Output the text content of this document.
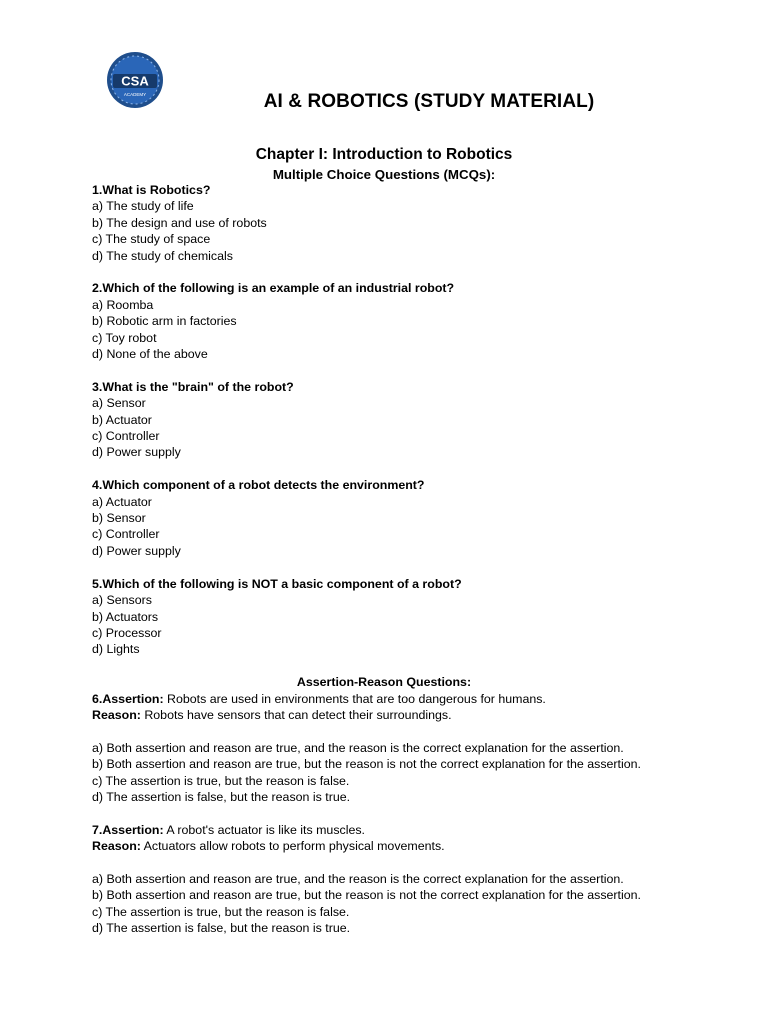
CSA
ACADEMY	AI & ROBOTICS (STUDY MATERIAL)
Chapter I: Introduction to Robotics
Multiple Choice Questions (MCQs):
1.What is Robotics?
a) The study of life
b) The design and use of robots
c) The study of space
d) The study of chemicals
2.Which of the following is an example of an industrial robot?
a) Roomba
b) Robotic arm in factories
c) Toy robot
d) None of the above
3.What is the "brain" of the robot?
a) Sensor
b) Actuator
c) Controller
d) Power supply
4.Which component of a robot detects the environment?
a) Actuator
b) Sensor
c) Controller
d) Power supply
5.Which of the following is NOT a basic component of a robot?
a) Sensors
b) Actuators
c) Processor
d) Lights
Assertion-Reason Questions:
6.Assertion: Robots are used in environments that are too dangerous for humans.
Reason: Robots have sensors that can detect their surroundings.
a) Both assertion and reason are true, and the reason is the correct explanation for the assertion.
b) Both assertion and reason are true, but the reason is not the correct explanation for the assertion.
c) The assertion is true, but the reason is false.
d) The assertion is false, but the reason is true.
7.Assertion: A robot's actuator is like its muscles.
Reason: Actuators allow robots to perform physical movements.
a) Both assertion and reason are true, and the reason is the correct explanation for the assertion.
b) Both assertion and reason are true, but the reason is not the correct explanation for the assertion.
c) The assertion is true, but the reason is false.
d) The assertion is false, but the reason is true.
